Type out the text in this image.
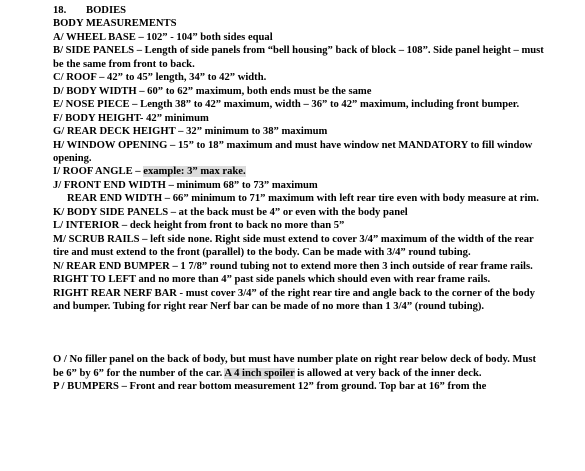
18. BODIES
BODY MEASUREMENTS
A/ WHEEL BASE – 102” - 104” both sides equal
B/ SIDE PANELS – Length of side panels from “bell housing” back of block – 108”. Side panel height – must be the same from front to back.
C/ ROOF – 42” to 45” length, 34” to 42” width.
D/ BODY WIDTH – 60” to 62” maximum, both ends must be the same
E/ NOSE PIECE – Length 38” to 42” maximum, width – 36” to 42” maximum, including front bumper.
F/ BODY HEIGHT- 42” minimum
G/ REAR DECK HEIGHT – 32” minimum to 38” maximum
H/ WINDOW OPENING – 15” to 18” maximum and must have window net MANDATORY to fill window opening.
I/ ROOF ANGLE – example: 3” max rake.
J/ FRONT END WIDTH – minimum 68” to 73” maximum
REAR END WIDTH – 66” minimum to 71” maximum with left rear tire even with body measure at rim.
K/ BODY SIDE PANELS – at the back must be 4” or even with the body panel
L/ INTERIOR – deck height from front to back no more than 5”
M/ SCRUB RAILS – left side none. Right side must extend to cover 3/4” maximum of the width of the rear tire and must extend to the front (parallel) to the body. Can be made with 3/4” round tubing.
N/ REAR END BUMPER – 1 7/8” round tubing not to extend more then 3 inch outside of rear frame rails. RIGHT TO LEFT and no more than 4” past side panels which should even with rear frame rails.
RIGHT REAR NERF BAR - must cover 3/4” of the right rear tire and angle back to the corner of the body and bumper. Tubing for right rear Nerf bar can be made of no more than 1 3/4” (round tubing).
O / No filler panel on the back of body, but must have number plate on right rear below deck of body. Must be 6” by 6” for the number of the car. A 4 inch spoiler is allowed at very back of the inner deck.
P / BUMPERS – Front and rear bottom measurement 12” from ground. Top bar at 16” from the
